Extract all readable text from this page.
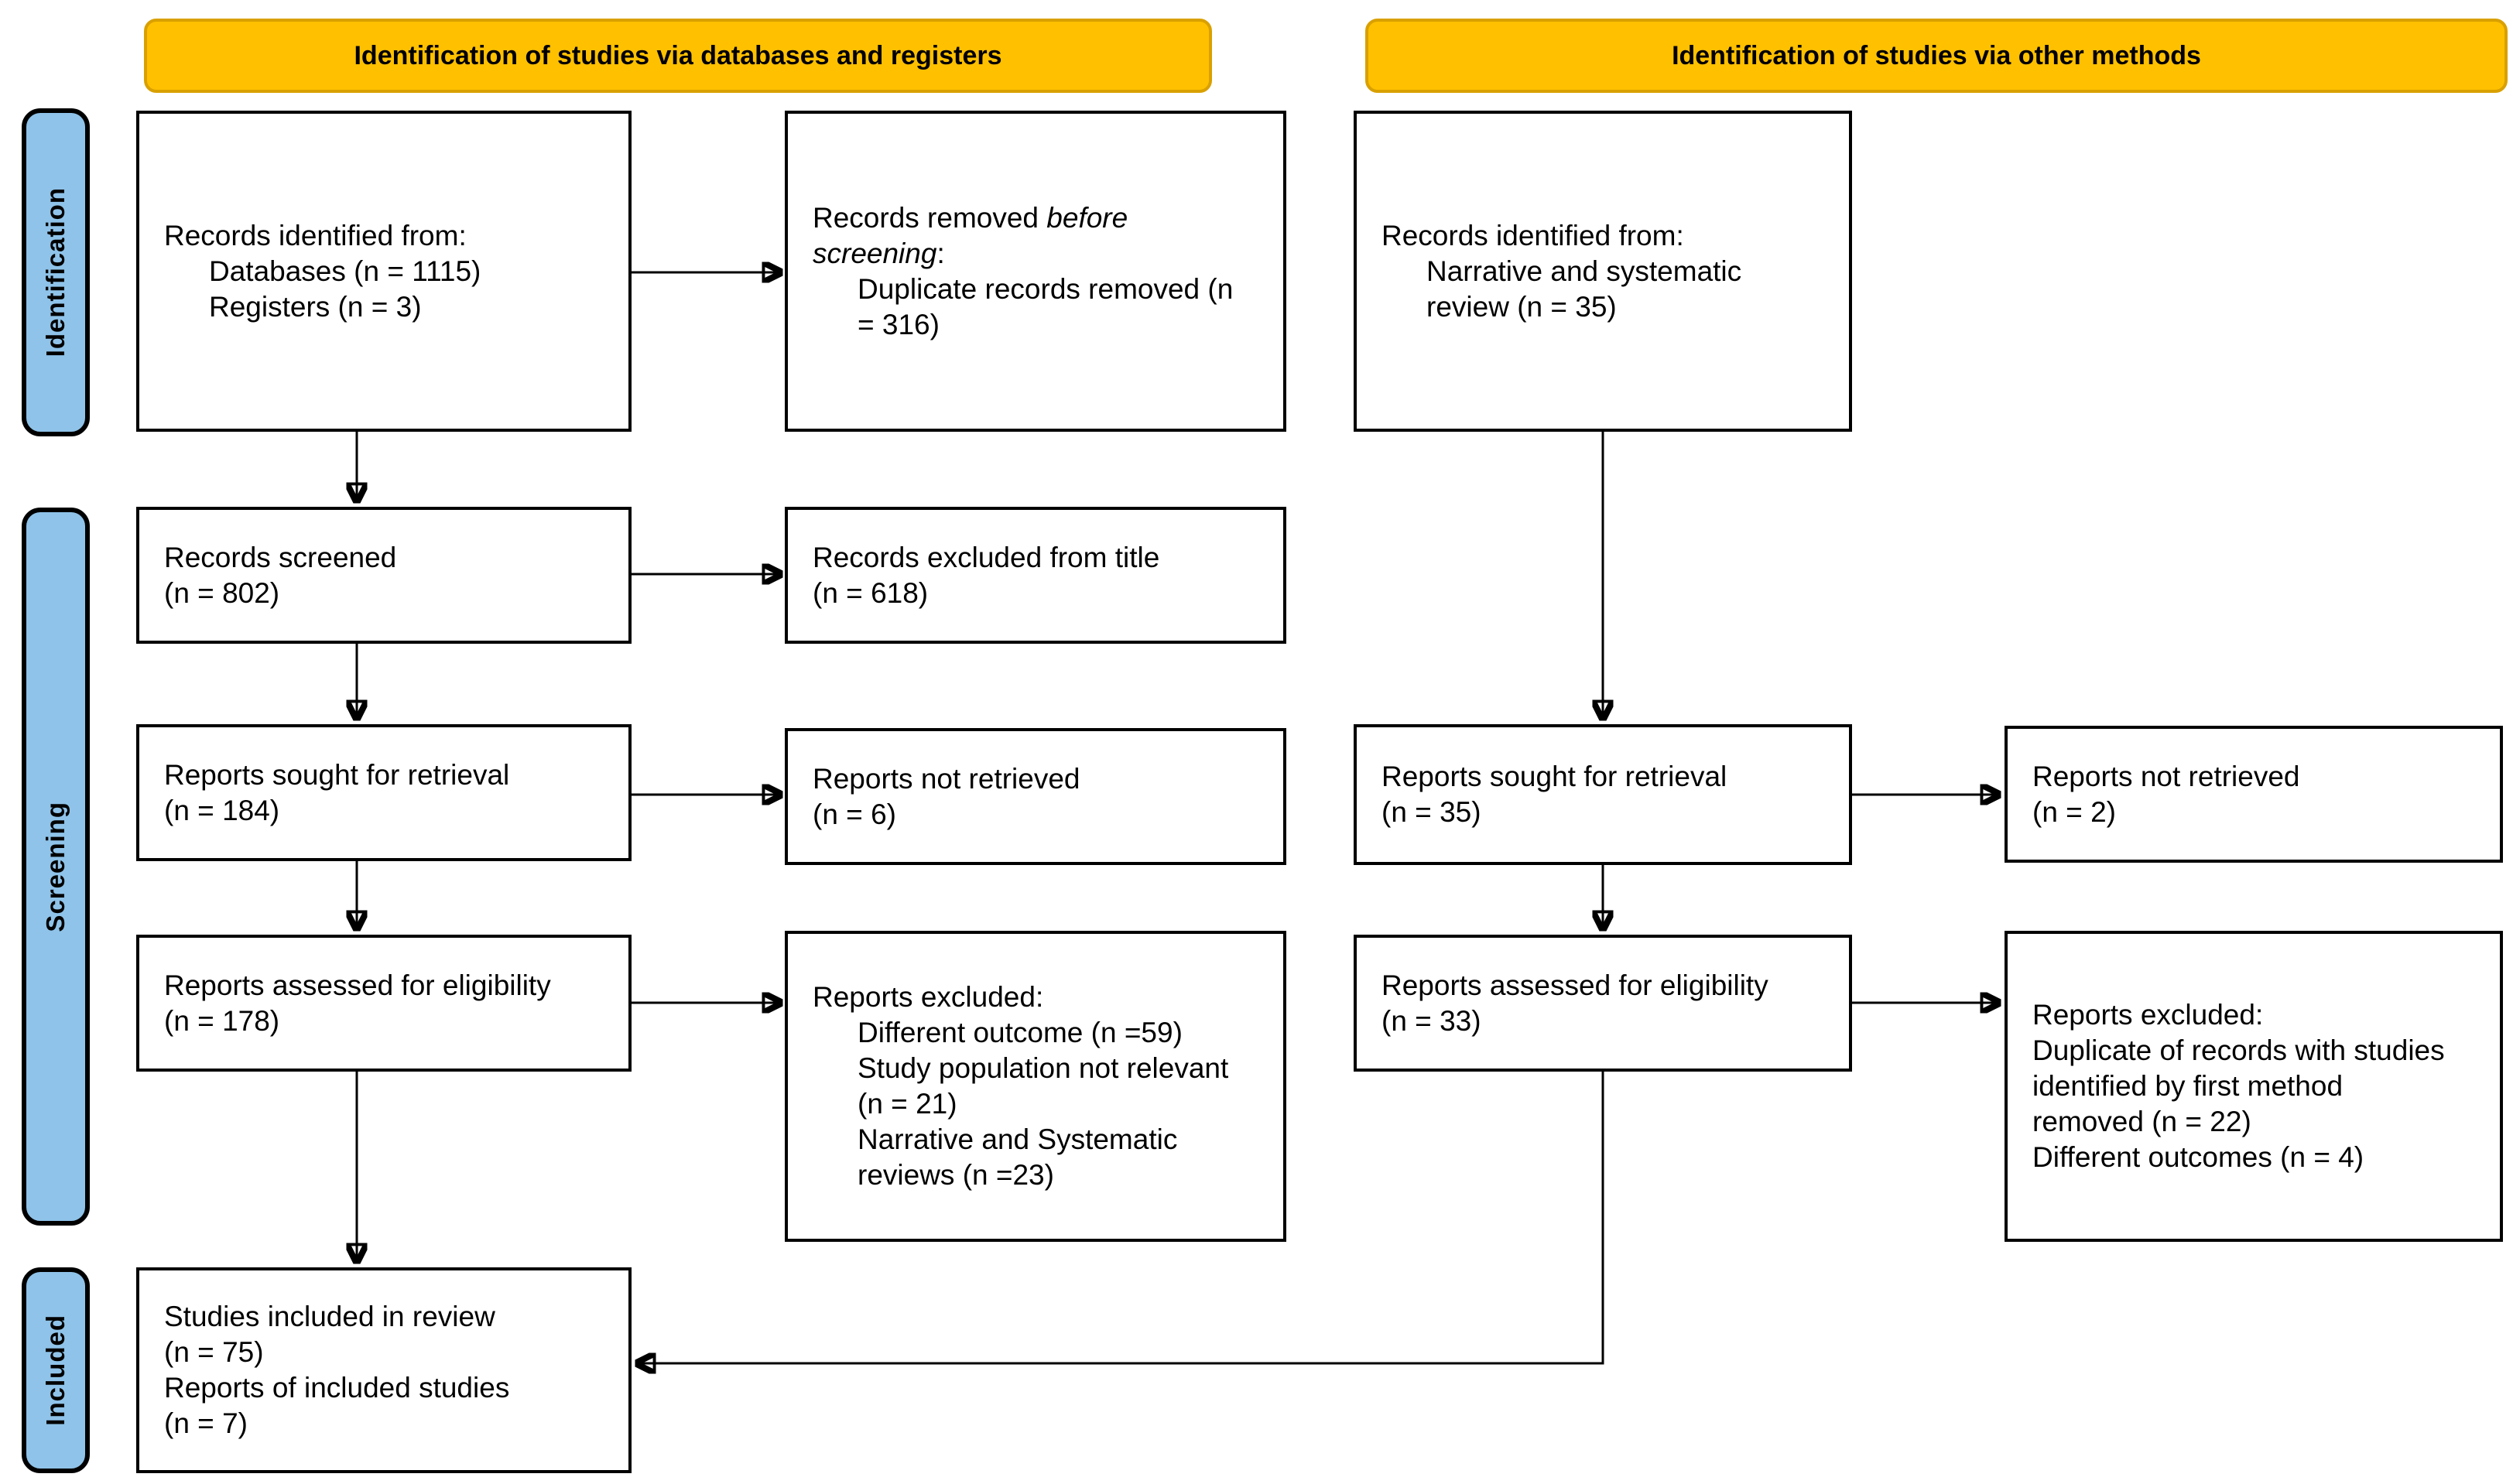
Identification of studies via databases and registers	Identification of studies via other methods
Identification
Screening
Included
Records identified from:
Databases (n = 1115)
Registers (n = 3)
Records removed before
screening:
Duplicate records removed (n
= 316)
Records identified from:
Narrative and systematic
review (n = 35)
Records screened
(n = 802)
Records excluded from title
(n = 618)
Reports sought for retrieval
(n = 184)
Reports not retrieved
(n = 6)
Reports sought for retrieval
(n = 35)
Reports not retrieved
(n = 2)
Reports assessed for eligibility
(n = 178)
Reports excluded:
Different outcome (n =59)
Study population not relevant
(n = 21)
Narrative and Systematic
reviews (n =23)
Reports assessed for eligibility
(n = 33)	Reports excluded:
Duplicate of records with studies
identified by first method
removed (n = 22)
Different outcomes (n = 4)
Studies included in review
(n = 75)
Reports of included studies
(n = 7)
